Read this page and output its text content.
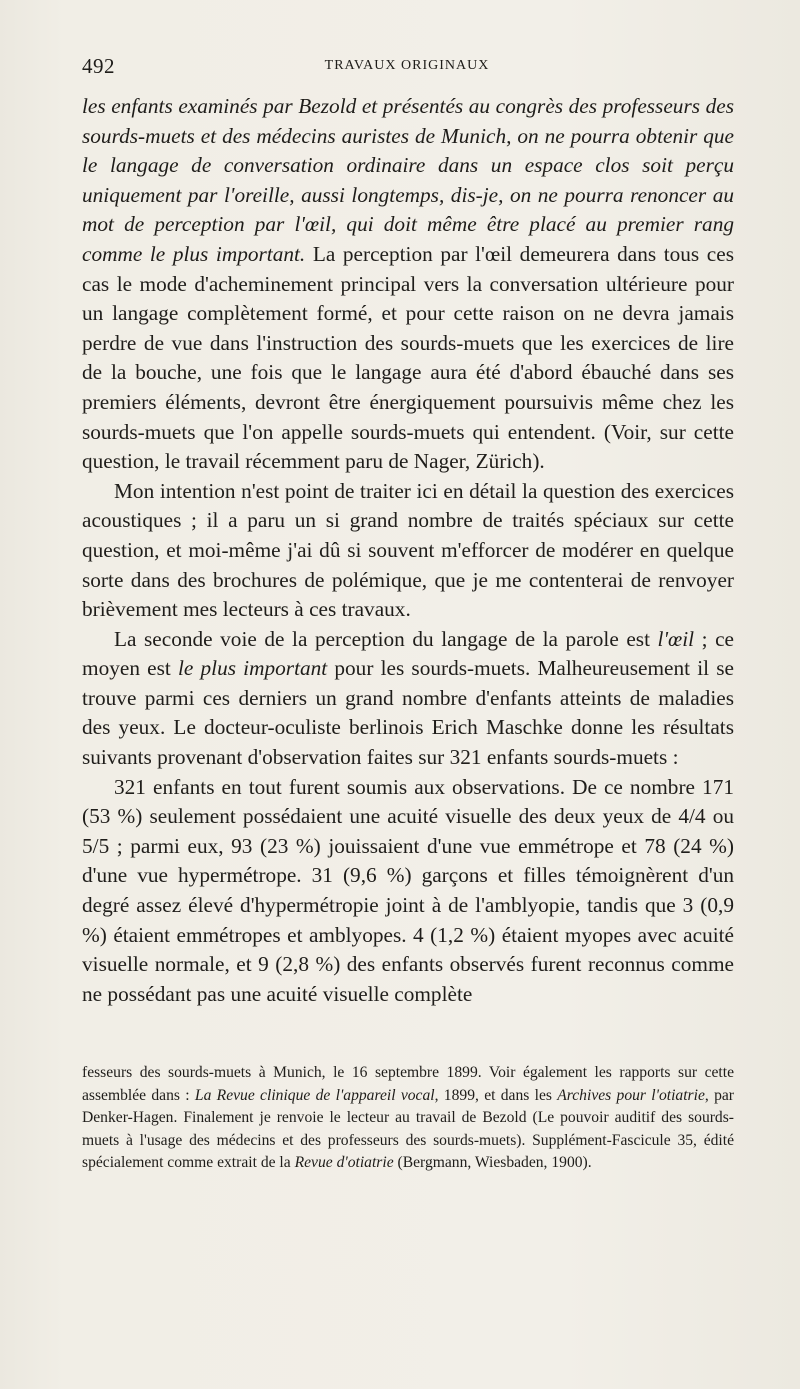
492	TRAVAUX ORIGINAUX

les enfants examinés par Bezold et présentés au congrès des professeurs des sourds-muets et des médecins auristes de Munich, on ne pourra obtenir que le langage de conversation ordinaire dans un espace clos soit perçu uniquement par l'oreille, aussi longtemps, dis-je, on ne pourra renoncer au mot de perception par l'œil, qui doit même être placé au premier rang comme le plus important. La perception par l'œil demeurera dans tous ces cas le mode d'acheminement principal vers la conversation ultérieure pour un langage complètement formé, et pour cette raison on ne devra jamais perdre de vue dans l'instruction des sourds-muets que les exercices de lire de la bouche, une fois que le langage aura été d'abord ébauché dans ses premiers éléments, devront être énergiquement poursuivis même chez les sourds-muets que l'on appelle sourds-muets qui entendent. (Voir, sur cette question, le travail récemment paru de Nager, Zürich).

Mon intention n'est point de traiter ici en détail la question des exercices acoustiques ; il a paru un si grand nombre de traités spéciaux sur cette question, et moi-même j'ai dû si souvent m'efforcer de modérer en quelque sorte dans des brochures de polémique, que je me contenterai de renvoyer brièvement mes lecteurs à ces travaux.

La seconde voie de la perception du langage de la parole est l'œil ; ce moyen est le plus important pour les sourds-muets. Malheureusement il se trouve parmi ces derniers un grand nombre d'enfants atteints de maladies des yeux. Le docteur-oculiste berlinois Erich Maschke donne les résultats suivants provenant d'observation faites sur 321 enfants sourds-muets :

321 enfants en tout furent soumis aux observations. De ce nombre 171 (53 %) seulement possédaient une acuité visuelle des deux yeux de 4/4 ou 5/5 ; parmi eux, 93 (23 %) jouissaient d'une vue emmétrope et 78 (24 %) d'une vue hypermétrope. 31 (9,6 %) garçons et filles témoignèrent d'un degré assez élevé d'hypermétropie joint à de l'amblyopie, tandis que 3 (0,9 %) étaient emmétropes et amblyopes. 4 (1,2 %) étaient myopes avec acuité visuelle normale, et 9 (2,8 %) des enfants observés furent reconnus comme ne possédant pas une acuité visuelle complète

fesseurs des sourds-muets à Munich, le 16 septembre 1899. Voir également les rapports sur cette assemblée dans : La Revue clinique de l'appareil vocal, 1899, et dans les Archives pour l'otiatrie, par Denker-Hagen. Finalement je renvoie le lecteur au travail de Bezold (Le pouvoir auditif des sourds-muets à l'usage des médecins et des professeurs des sourds-muets). Supplément-Fascicule 35, édité spécialement comme extrait de la Revue d'otiatrie (Bergmann, Wiesbaden, 1900).
